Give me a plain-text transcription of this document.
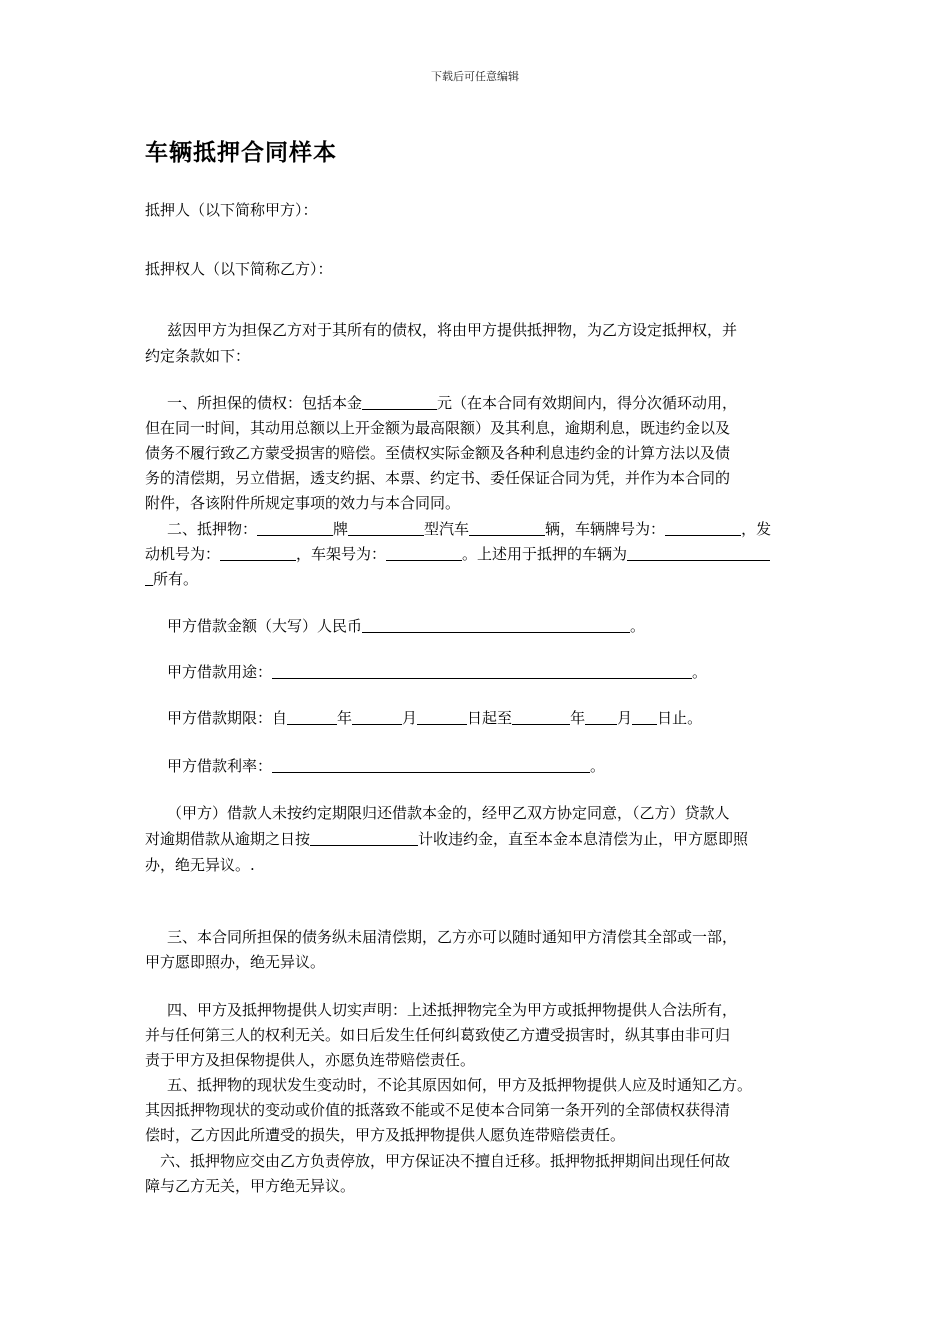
下载后可任意编辑
车辆抵押合同样本
抵押人（以下简称甲方）：
抵押权人（以下简称乙方）：
兹因甲方为担保乙方对于其所有的债权，将由甲方提供抵押物，为乙方设定抵押权，并
约定条款如下：
一、所担保的债权：包括本金	元（在本合同有效期间内，得分次循环动用，
但在同一时间，其动用总额以上开金额为最高限额）及其利息，逾期利息，既违约金以及
债务不履行致乙方蒙受损害的赔偿。至债权实际金额及各种利息违约金的计算方法以及债
务的清偿期，另立借据，透支约据、本票、约定书、委任保证合同为凭，并作为本合同的
附件，各该附件所规定事项的效力与本合同同。
二、抵押物：	牌	型汽车	辆，车辆牌号为：	，发
动机号为：	，车架号为：	。上述用于抵押的车辆为
所有。
甲方借款金额（大写）人民币	。
甲方借款用途：	。
甲方借款期限：自	年	月	日起至	年 月 日止。
甲方借款利率：	。
（甲方）借款人未按约定期限归还借款本金的，经甲乙双方协定同意，（乙方）贷款人
对逾期借款从逾期之日按	计收违约金，直至本金本息清偿为止，甲方愿即照
办，绝无异议。.
三、本合同所担保的债务纵未届清偿期，乙方亦可以随时通知甲方清偿其全部或一部，
甲方愿即照办，绝无异议。
四、甲方及抵押物提供人切实声明：上述抵押物完全为甲方或抵押物提供人合法所有，
并与任何第三人的权利无关。如日后发生任何纠葛致使乙方遭受损害时，纵其事由非可归
责于甲方及担保物提供人，亦愿负连带赔偿责任。
五、抵押物的现状发生变动时，不论其原因如何，甲方及抵押物提供人应及时通知乙方。
其因抵押物现状的变动或价值的抵落致不能或不足使本合同第一条开列的全部债权获得清
偿时，乙方因此所遭受的损失，甲方及抵押物提供人愿负连带赔偿责任。
六、抵押物应交由乙方负责停放，甲方保证决不擅自迁移。抵押物抵押期间出现任何故
障与乙方无关，甲方绝无异议。
